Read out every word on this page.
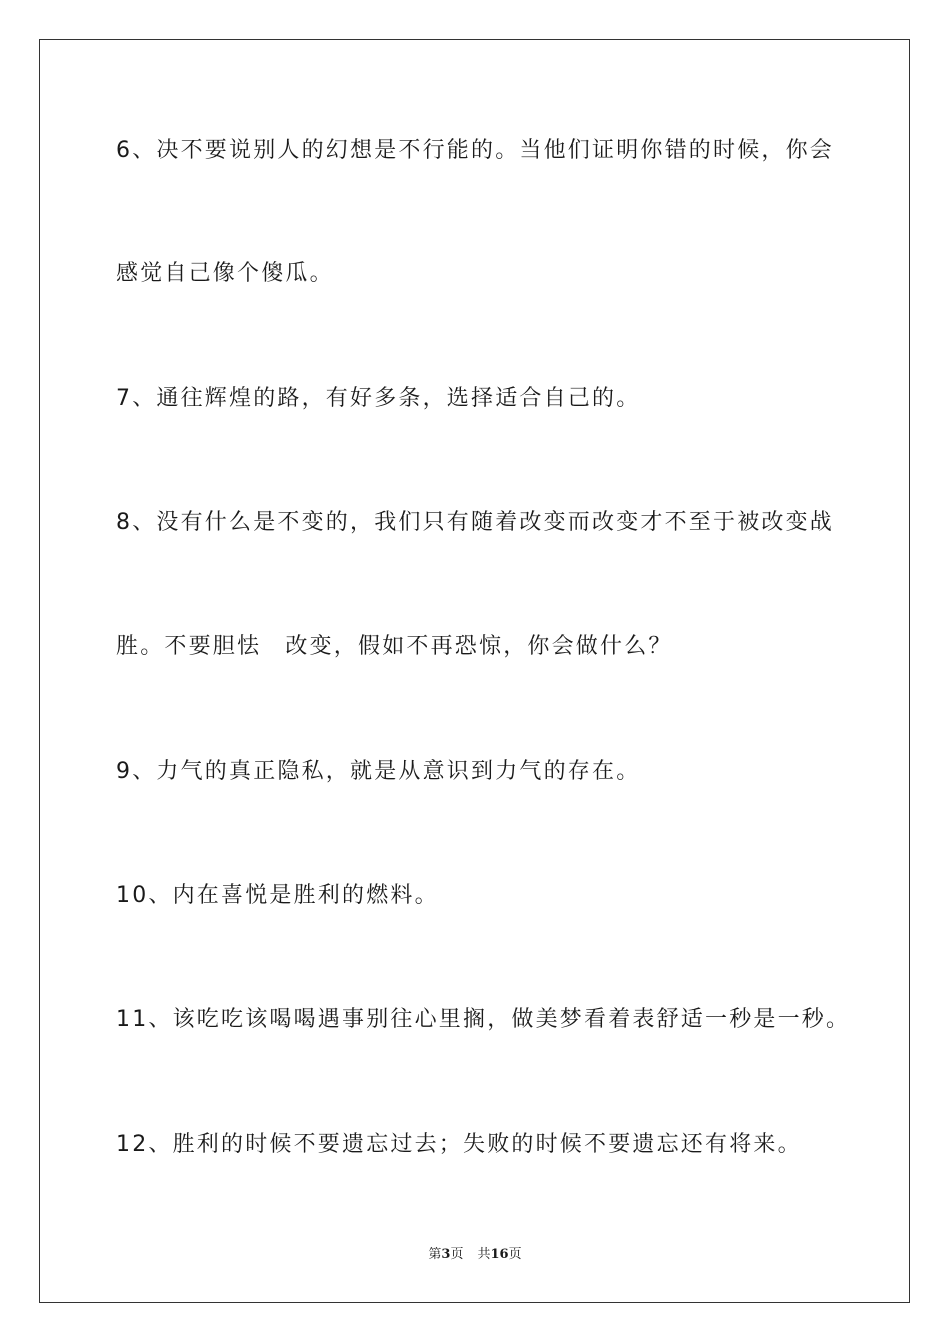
6、决不要说别人的幻想是不行能的。当他们证明你错的时候，你会
感觉自己像个傻瓜。
7、通往辉煌的路，有好多条，选择适合自己的。
8、没有什么是不变的，我们只有随着改变而改变才不至于被改变战
胜。不要胆怯　改变，假如不再恐惊，你会做什么？
9、力气的真正隐私，就是从意识到力气的存在。
10、内在喜悦是胜利的燃料。
11、该吃吃该喝喝遇事别往心里搁，做美梦看着表舒适一秒是一秒。
12、胜利的时候不要遗忘过去；失败的时候不要遗忘还有将来。
第3页 共16页
